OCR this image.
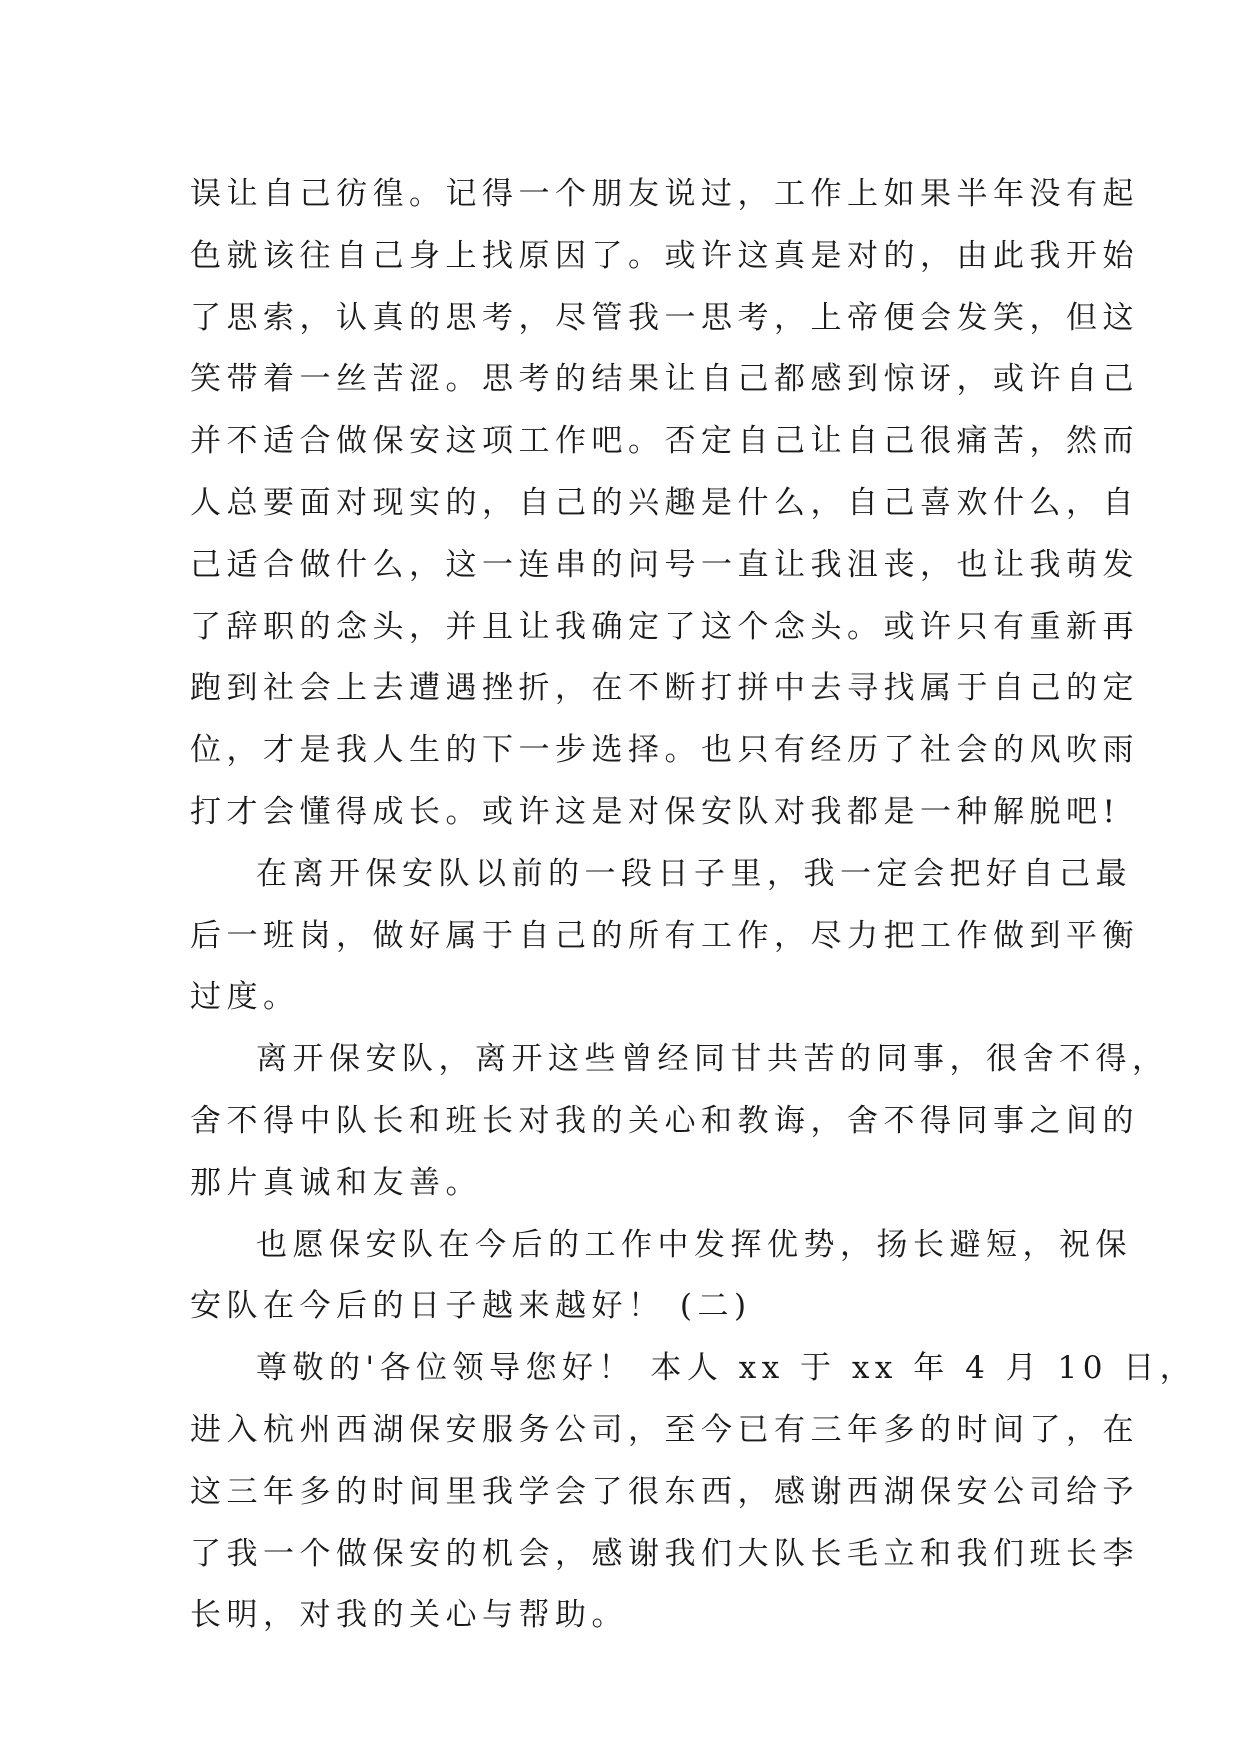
误让自己彷徨。记得一个朋友说过，工作上如果半年没有起
色就该往自己身上找原因了。或许这真是对的，由此我开始
了思索，认真的思考，尽管我一思考，上帝便会发笑，但这
笑带着一丝苦涩。思考的结果让自己都感到惊讶，或许自己
并不适合做保安这项工作吧。否定自己让自己很痛苦，然而
人总要面对现实的，自己的兴趣是什么，自己喜欢什么，自
己适合做什么，这一连串的问号一直让我沮丧，也让我萌发
了辞职的念头，并且让我确定了这个念头。或许只有重新再
跑到社会上去遭遇挫折，在不断打拼中去寻找属于自己的定
位，才是我人生的下一步选择。也只有经历了社会的风吹雨
打才会懂得成长。或许这是对保安队对我都是一种解脱吧!
在离开保安队以前的一段日子里，我一定会把好自己最
后一班岗，做好属于自己的所有工作，尽力把工作做到平衡
过度。
离开保安队，离开这些曾经同甘共苦的同事，很舍不得，
舍不得中队长和班长对我的关心和教诲，舍不得同事之间的
那片真诚和友善。
也愿保安队在今后的工作中发挥优势，扬长避短，祝保
安队在今后的日子越来越好！ (二)
尊敬的'各位领导您好！ 本人 xx 于 xx 年 4 月 10 日，
进入杭州西湖保安服务公司，至今已有三年多的时间了，在
这三年多的时间里我学会了很东西，感谢西湖保安公司给予
了我一个做保安的机会，感谢我们大队长毛立和我们班长李
长明，对我的关心与帮助。
